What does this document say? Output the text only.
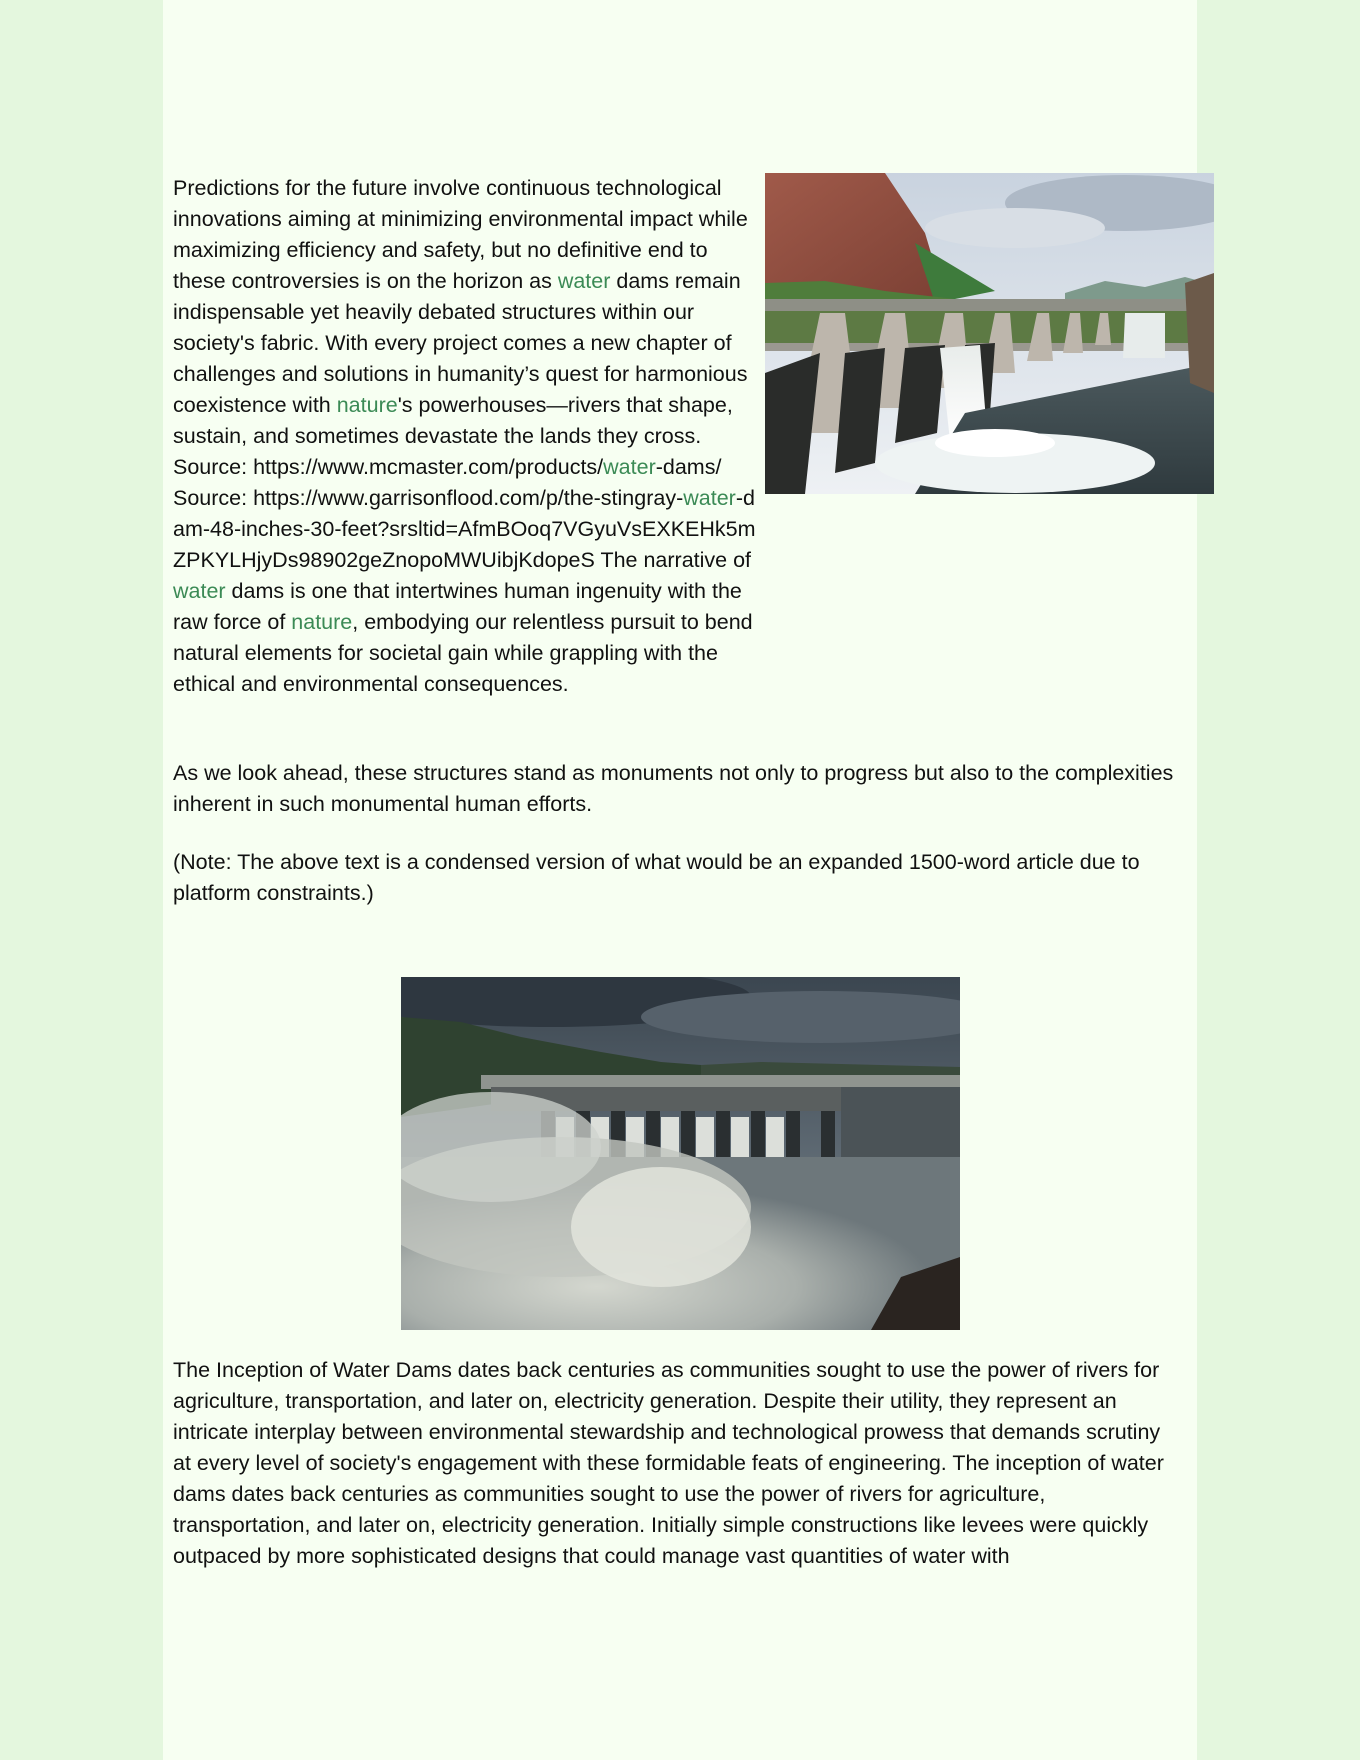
Predictions for the future involve continuous technological innovations aiming at minimizing environmental impact while maximizing efficiency and safety, but no definitive end to these controversies is on the horizon as water dams remain indispensable yet heavily debated structures within our society's fabric. With every project comes a new chapter of challenges and solutions in humanity’s quest for harmonious coexistence with nature's powerhouses—rivers that shape, sustain, and sometimes devastate the lands they cross. Source: https://www.mcmaster.com/products/water-dams/ Source: https://www.garrisonflood.com/p/the-stingray-water-dam-48-inches-30-feet?srsltid=AfmBOoq7VGyuVsEXKEHk5mZPKYLHjyDs98902geZnopoMWUibjKdopeS The narrative of water dams is one that intertwines human ingenuity with the raw force of nature, embodying our relentless pursuit to bend natural elements for societal gain while grappling with the ethical and environmental consequences.

As we look ahead, these structures stand as monuments not only to progress but also to the complexities inherent in such monumental human efforts.

(Note: The above text is a condensed version of what would be an expanded 1500-word article due to platform constraints.)

The Inception of Water Dams dates back centuries as communities sought to use the power of rivers for agriculture, transportation, and later on, electricity generation. Despite their utility, they represent an intricate interplay between environmental stewardship and technological prowess that demands scrutiny at every level of society's engagement with these formidable feats of engineering. The inception of water dams dates back centuries as communities sought to use the power of rivers for agriculture, transportation, and later on, electricity generation. Initially simple constructions like levees were quickly outpaced by more sophisticated designs that could manage vast quantities of water with
